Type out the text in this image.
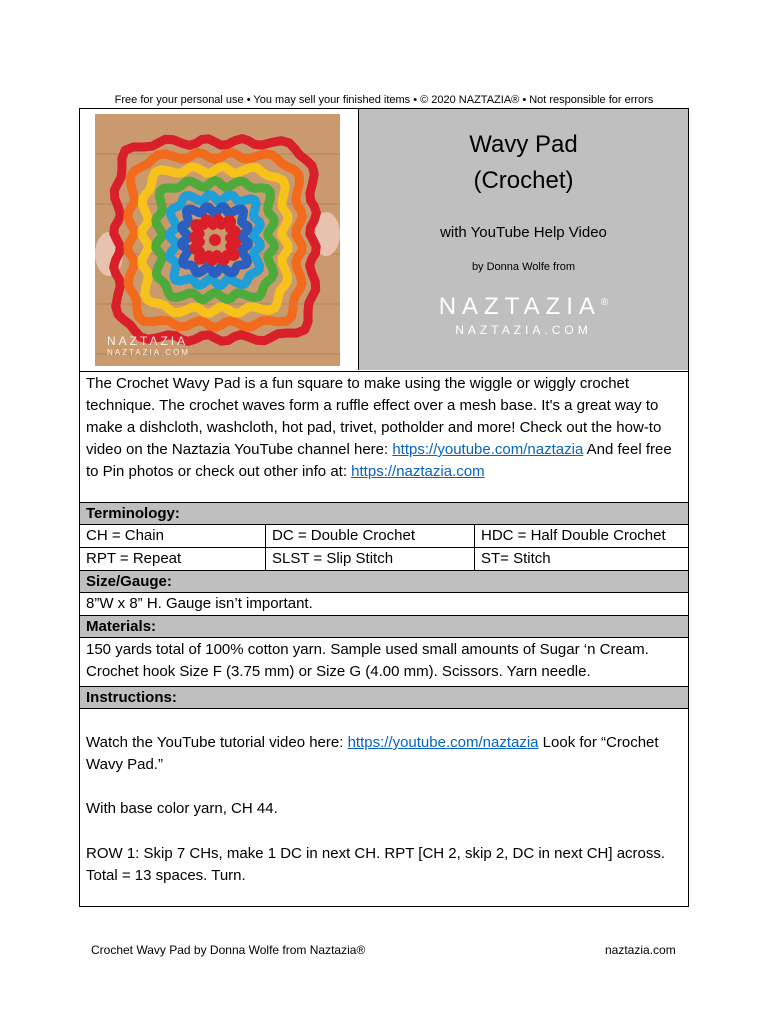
Free for your personal use • You may sell your finished items • © 2020 NAZTAZIA® • Not responsible for errors
NAZTAZIA
NAZTAZIA.COM
Wavy Pad
(Crochet)
with YouTube Help Video
by Donna Wolfe from
NAZTAZIA®
NAZTAZIA.COM
The Crochet Wavy Pad is a fun square to make using the wiggle or wiggly crochet technique. The crochet waves form a ruffle effect over a mesh base. It's a great way to make a dishcloth, washcloth, hot pad, trivet, potholder and more! Check out the how-to video on the Naztazia YouTube channel here: https://youtube.com/naztazia And feel free to Pin photos or check out other info at: https://naztazia.com
Terminology:
CH = Chain	DC = Double Crochet	HDC = Half Double Crochet
RPT = Repeat	SLST = Slip Stitch	ST= Stitch
Size/Gauge:
8”W x 8” H. Gauge isn’t important.
Materials:
150 yards total of 100% cotton yarn. Sample used small amounts of Sugar ‘n Cream. Crochet hook Size F (3.75 mm) or Size G (4.00 mm). Scissors. Yarn needle.
Instructions:
Watch the YouTube tutorial video here: https://youtube.com/naztazia Look for “Crochet Wavy Pad.”
With base color yarn, CH 44.
ROW 1: Skip 7 CHs, make 1 DC in next CH. RPT [CH 2, skip 2, DC in next CH] across. Total = 13 spaces. Turn.
Crochet Wavy Pad by Donna Wolfe from Naztazia®	naztazia.com
